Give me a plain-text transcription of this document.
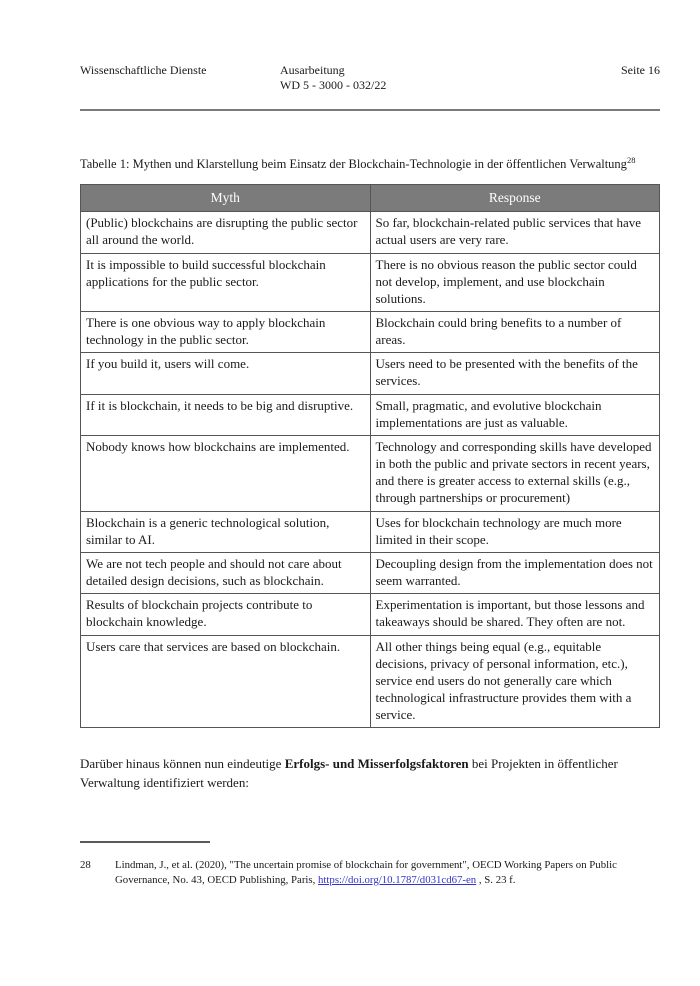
Wissenschaftliche Dienste	Ausarbeitung
WD 5 - 3000 - 032/22
Seite 16

Tabelle 1: Mythen und Klarstellung beim Einsatz der Blockchain-Technologie in der öffentlichen Verwaltung$^{28}$

Myth	Response
(Public) blockchains are disrupting the public sector all around the world.	So far, blockchain-related public services that have actual users are very rare.
It is impossible to build successful blockchain applications for the public sector.	There is no obvious reason the public sector could not develop, implement, and use blockchain solutions.
There is one obvious way to apply blockchain technology in the public sector.	Blockchain could bring benefits to a number of areas.
If you build it, users will come.	Users need to be presented with the benefits of the services.
If it is blockchain, it needs to be big and disruptive.	Small, pragmatic, and evolutive blockchain implementations are just as valuable.
Nobody knows how blockchains are implemented.	Technology and corresponding skills have developed in both the public and private sectors in recent years, and there is greater access to external skills (e.g., through partnerships or procurement)
Blockchain is a generic technological solution, similar to AI.	Uses for blockchain technology are much more limited in their scope.
We are not tech people and should not care about detailed design decisions, such as blockchain.	Decoupling design from the implementation does not seem warranted.
Results of blockchain projects contribute to blockchain knowledge.	Experimentation is important, but those lessons and takeaways should be shared. They often are not.
Users care that services are based on blockchain.	All other things being equal (e.g., equitable decisions, privacy of personal information, etc.), service end users do not generally care which technological infrastructure provides them with a service.

Darüber hinaus können nun eindeutige Erfolgs- und Misserfolgsfaktoren bei Projekten in öffentlicher Verwaltung identifiziert werden:

28	Lindman, J., et al. (2020), "The uncertain promise of blockchain for government", OECD Working Papers on Public Governance, No. 43, OECD Publishing, Paris, https://doi.org/10.1787/d031cd67-en , S. 23 f.
